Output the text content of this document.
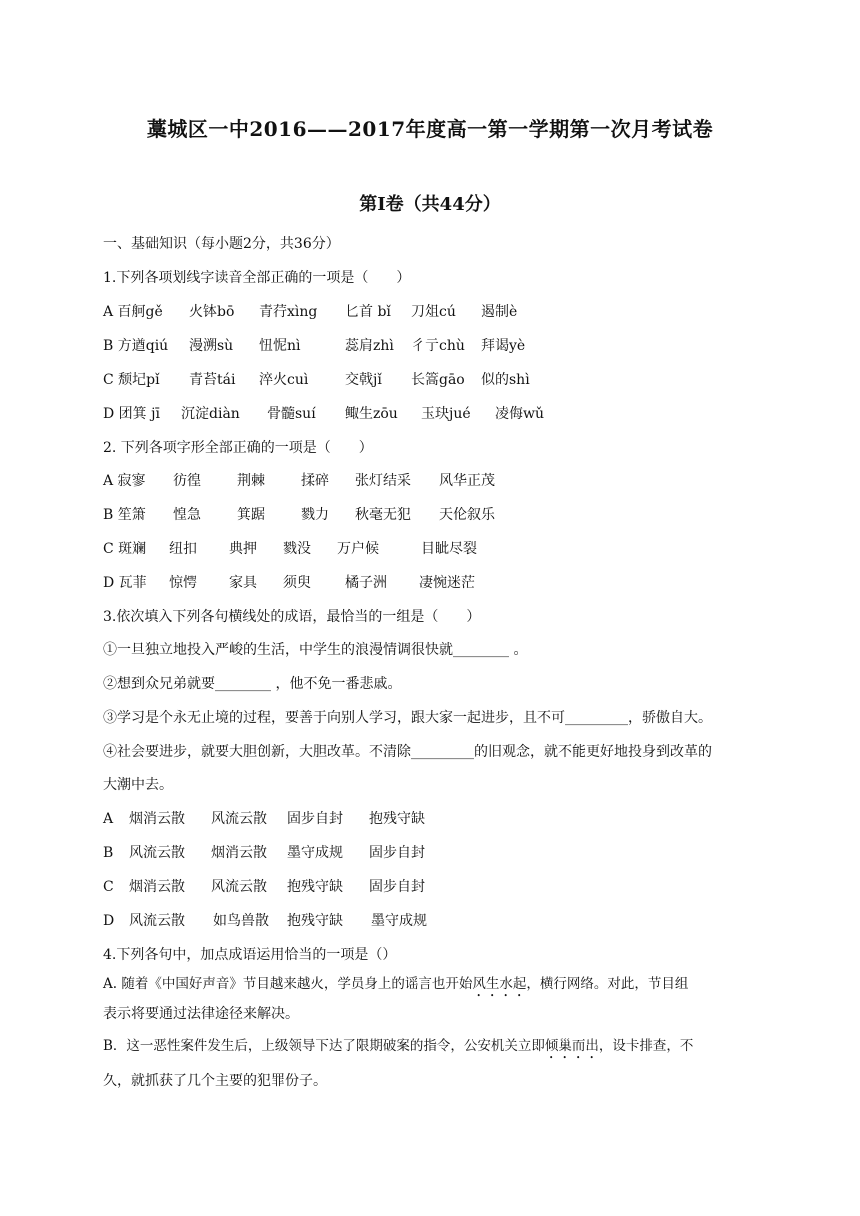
藁城区一中2016——2017年度高一第一学期第一次月考试卷
第I卷（共44分）
一、基础知识（每小题2分，共36分）
1.下列各项划线字读音全部正确的一项是（　　）
A 百舸gě 火钵bō 青荇xìng 匕首 bǐ 刀俎cú 遏制è
B 方遒qiú 漫溯sù 忸怩nì	蕊肩zhì 彳亍chù 拜谒yè
C 颓圮pǐ 青苔tái 淬火cuì	交戟jǐ 长篙gāo 似的shì
D 团箕 jī 沉淀diàn 骨髓suí 鲰生zōu 玉玦jué 凌侮wǔ
2. 下列各项字形全部正确的一项是（　　）
A 寂寥 彷徨	荆棘	揉碎 张灯结采 风华正茂
B 笙箫 惶急	箕踞	戮力 秋毫无犯 天伦叙乐
C 斑斓 纽扣 典押 戮没 万户候	目眦尽裂
D 瓦菲 惊愕 家具 须臾 橘子洲 凄惋迷茫
3.依次填入下列各句横线处的成语，最恰当的一组是（　　）
①一旦独立地投入严峻的生活，中学生的浪漫情调很快就________ 。
②想到众兄弟就要________ ，他不免一番悲戚。
③学习是个永无止境的过程，要善于向别人学习，跟大家一起进步，且不可_________，骄傲自大。
④社会要进步，就要大胆创新，大胆改革。不清除_________的旧观念，就不能更好地投身到改革的
大潮中去。
A 烟消云散 风流云散 固步自封 抱残守缺
B 风流云散 烟消云散 墨守成规 固步自封
C 烟消云散 风流云散 抱残守缺 固步自封
D 风流云散 如鸟兽散 抱残守缺 墨守成规
4.下列各句中，加点成语运用恰当的一项是（）
A. 随着《中国好声音》节目越来越火，学员身上的谣言也开始风生水起，横行网络。对此，节目组
表示将要通过法律途径来解决。
B．这一恶性案件发生后，上级领导下达了限期破案的指令，公安机关立即倾巢而出，设卡排查，不
久，就抓获了几个主要的犯罪份子。
